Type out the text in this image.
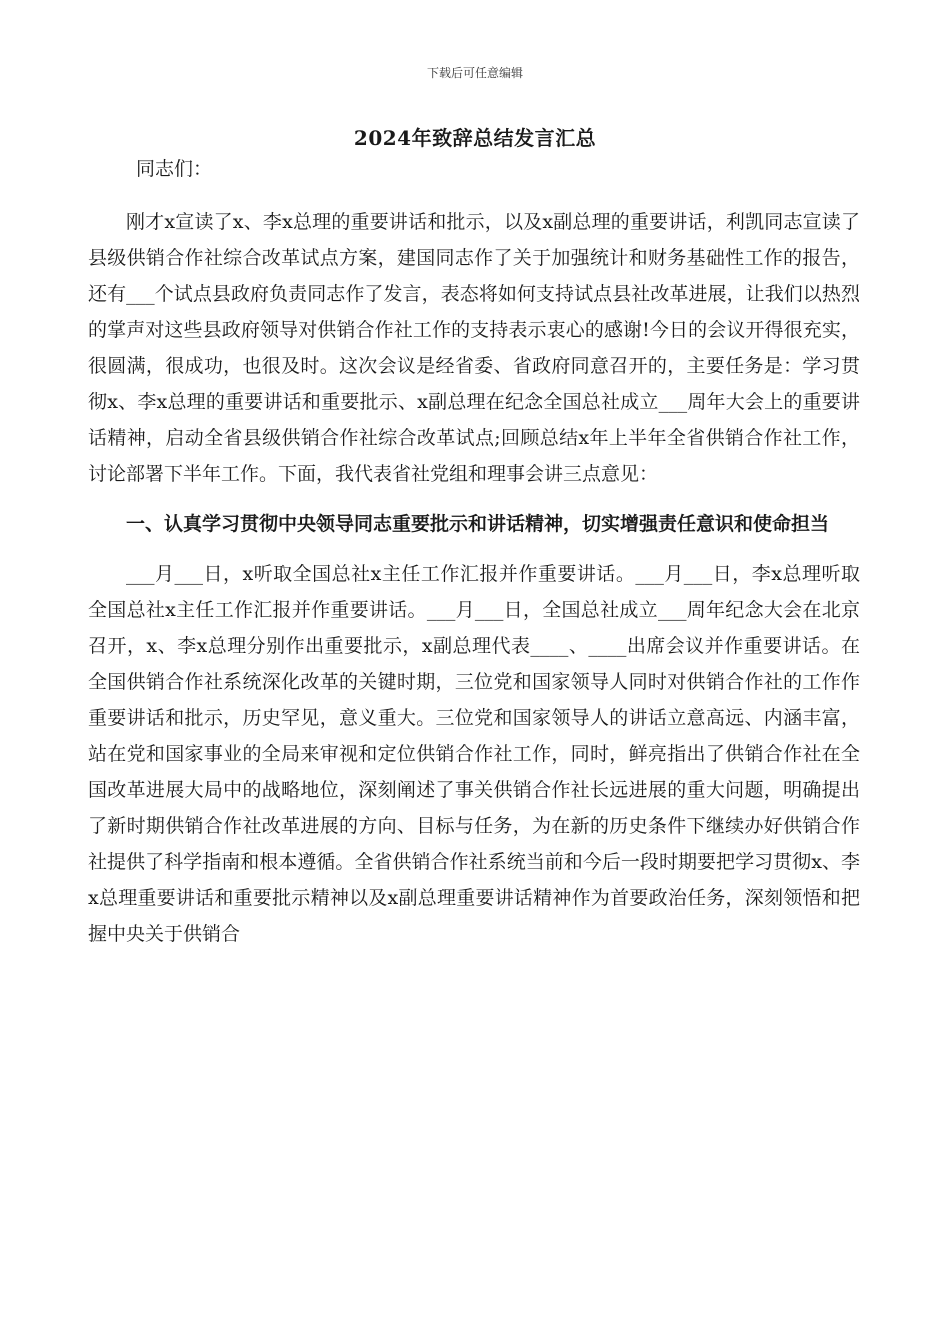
下载后可任意编辑
2024年致辞总结发言汇总

同志们：

刚才x宣读了x、李x总理的重要讲话和批示，以及x副总理的重要讲话，利凯同志宣读了县级供销合作社综合改革试点方案，建国同志作了关于加强统计和财务基础性工作的报告，还有___个试点县政府负责同志作了发言，表态将如何支持试点县社改革进展，让我们以热烈的掌声对这些县政府领导对供销合作社工作的支持表示衷心的感谢!今日的会议开得很充实，很圆满，很成功，也很及时。这次会议是经省委、省政府同意召开的，主要任务是：学习贯彻x、李x总理的重要讲话和重要批示、x副总理在纪念全国总社成立___周年大会上的重要讲话精神，启动全省县级供销合作社综合改革试点;回顾总结x年上半年全省供销合作社工作，讨论部署下半年工作。下面，我代表省社党组和理事会讲三点意见：

一、认真学习贯彻中央领导同志重要批示和讲话精神，切实增强责任意识和使命担当

___月___日，x听取全国总社x主任工作汇报并作重要讲话。___月___日，李x总理听取全国总社x主任工作汇报并作重要讲话。___月___日，全国总社成立___周年纪念大会在北京召开，x、李x总理分别作出重要批示，x副总理代表____、____出席会议并作重要讲话。在全国供销合作社系统深化改革的关键时期，三位党和国家领导人同时对供销合作社的工作作重要讲话和批示，历史罕见，意义重大。三位党和国家领导人的讲话立意高远、内涵丰富，站在党和国家事业的全局来审视和定位供销合作社工作，同时，鲜亮指出了供销合作社在全国改革进展大局中的战略地位，深刻阐述了事关供销合作社长远进展的重大问题，明确提出了新时期供销合作社改革进展的方向、目标与任务，为在新的历史条件下继续办好供销合作社提供了科学指南和根本遵循。全省供销合作社系统当前和今后一段时期要把学习贯彻x、李x总理重要讲话和重要批示精神以及x副总理重要讲话精神作为首要政治任务，深刻领悟和把握中央关于供销合
